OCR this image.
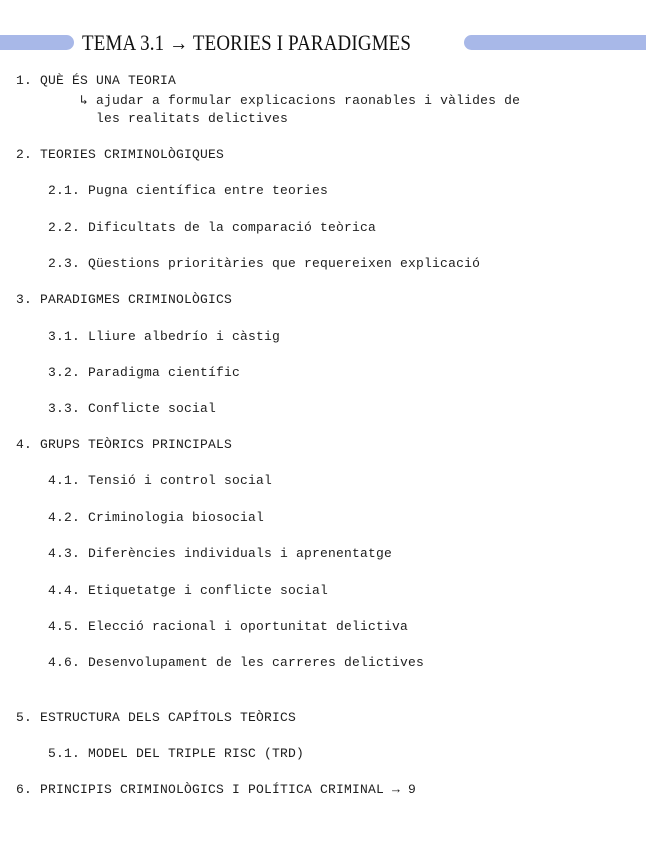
TEMA 3.1 → TEORIES I PARADIGMES
1. QUÈ ÉS UNA TEORIA
↳ ajudar a formular explicacions raonables i vàlides de
les realitats delictives
2. TEORIES CRIMINOLÒGIQUES
2.1. Pugna científica entre teories
2.2. Dificultats de la comparació teòrica
2.3. Qüestions prioritàries que requereixen explicació
3. PARADIGMES CRIMINOLÒGICS
3.1. Lliure albedrío i càstig
3.2. Paradigma científic
3.3. Conflicte social
4. GRUPS TEÒRICS PRINCIPALS
4.1. Tensió i control social
4.2. Criminologia biosocial
4.3. Diferències individuals i aprenentatge
4.4. Etiquetatge i conflicte social
4.5. Elecció racional i oportunitat delictiva
4.6. Desenvolupament de les carreres delictives
5. ESTRUCTURA DELS CAPÍTOLS TEÒRICS
5.1. MODEL DEL TRIPLE RISC (TRD)
6. PRINCIPIS CRIMINOLÒGICS I POLÍTICA CRIMINAL → 9
